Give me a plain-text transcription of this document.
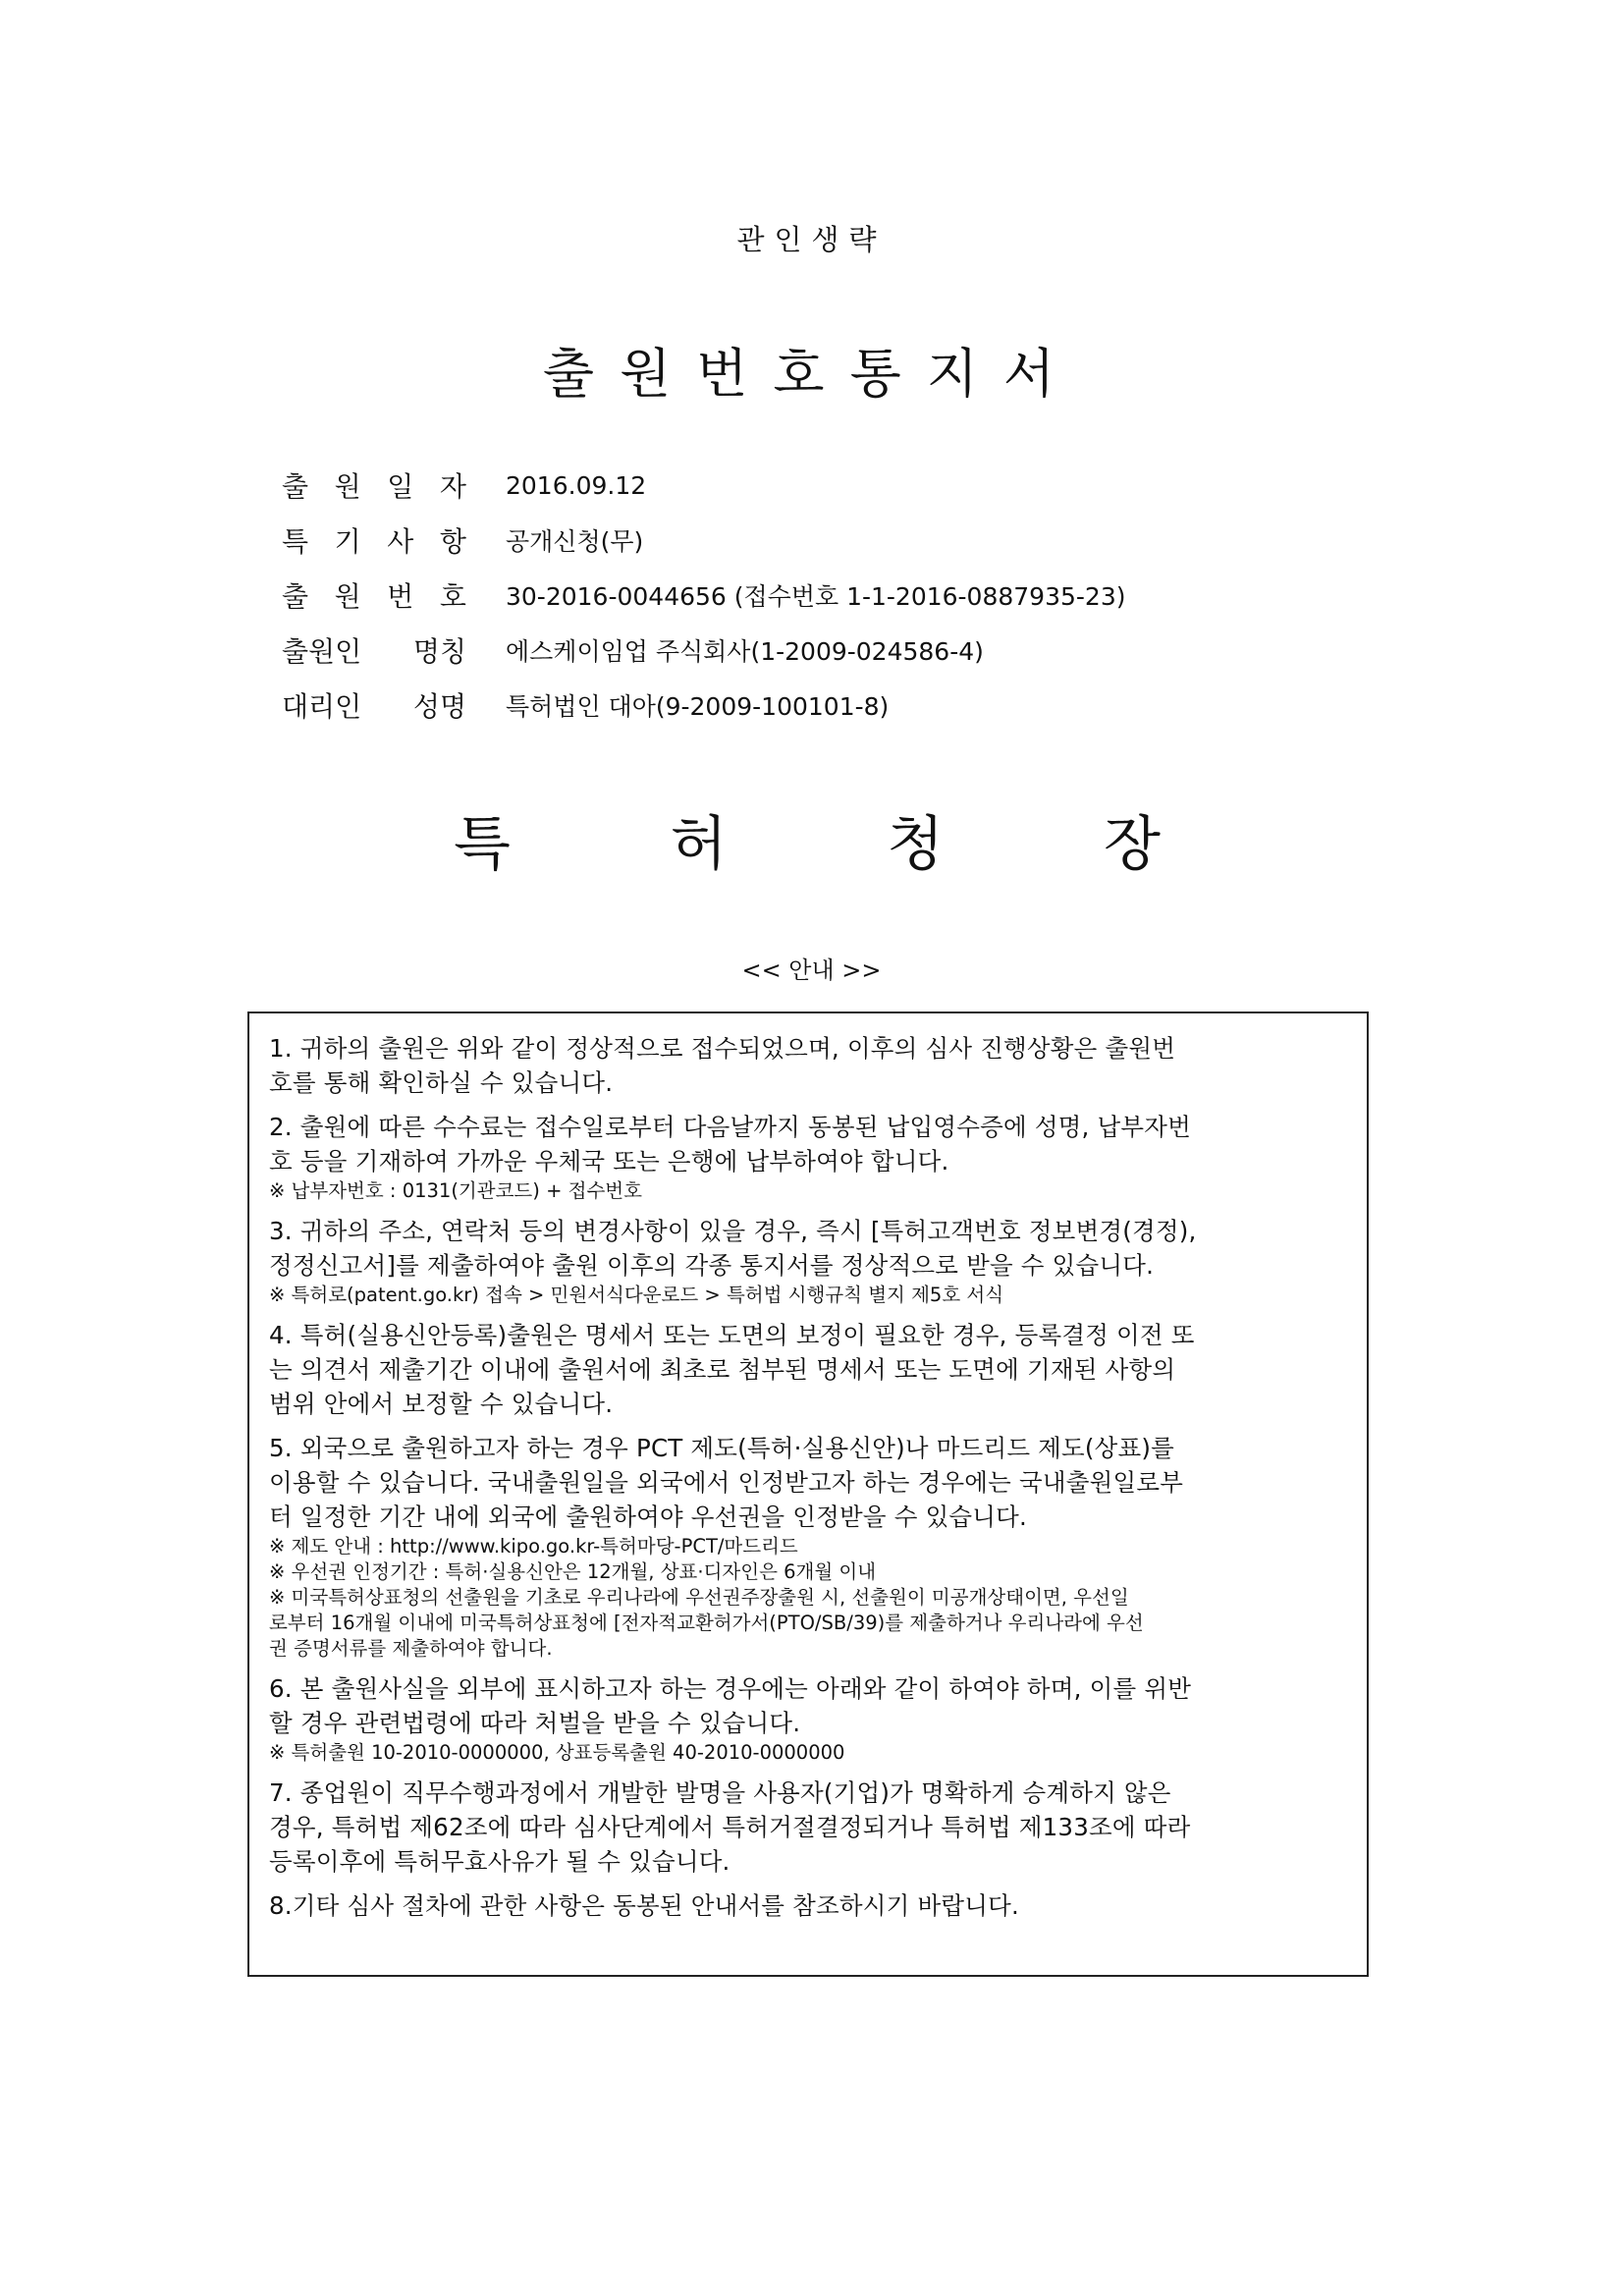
관인생략
출원번호통지서
출 원 일 자 2016.09.12
특 기 사 항 공개신청(무)
출 원 번 호 30-2016-0044656 (접수번호 1-1-2016-0887935-23)
출원인 명칭 에스케이임업 주식회사(1-2009-024586-4)
대리인 성명 특허법인 대아(9-2009-100101-8)
특	허	청	장
<< 안내 >>
1. 귀하의 출원은 위와 같이 정상적으로 접수되었으며, 이후의 심사 진행상황은 출원번
호를 통해 확인하실 수 있습니다.
2. 출원에 따른 수수료는 접수일로부터 다음날까지 동봉된 납입영수증에 성명, 납부자번
호 등을 기재하여 가까운 우체국 또는 은행에 납부하여야 합니다.
※ 납부자번호 : 0131(기관코드) + 접수번호
3. 귀하의 주소, 연락처 등의 변경사항이 있을 경우, 즉시 [특허고객번호 정보변경(경정),
정정신고서]를 제출하여야 출원 이후의 각종 통지서를 정상적으로 받을 수 있습니다.
※ 특허로(patent.go.kr) 접속 > 민원서식다운로드 > 특허법 시행규칙 별지 제5호 서식
4. 특허(실용신안등록)출원은 명세서 또는 도면의 보정이 필요한 경우, 등록결정 이전 또
는 의견서 제출기간 이내에 출원서에 최초로 첨부된 명세서 또는 도면에 기재된 사항의
범위 안에서 보정할 수 있습니다.
5. 외국으로 출원하고자 하는 경우 PCT 제도(특허·실용신안)나 마드리드 제도(상표)를
이용할 수 있습니다. 국내출원일을 외국에서 인정받고자 하는 경우에는 국내출원일로부
터 일정한 기간 내에 외국에 출원하여야 우선권을 인정받을 수 있습니다.
※ 제도 안내 : http://www.kipo.go.kr-특허마당-PCT/마드리드
※ 우선권 인정기간 : 특허·실용신안은 12개월, 상표·디자인은 6개월 이내
※ 미국특허상표청의 선출원을 기초로 우리나라에 우선권주장출원 시, 선출원이 미공개상태이면, 우선일
로부터 16개월 이내에 미국특허상표청에 [전자적교환허가서(PTO/SB/39)를 제출하거나 우리나라에 우선
권 증명서류를 제출하여야 합니다.
6. 본 출원사실을 외부에 표시하고자 하는 경우에는 아래와 같이 하여야 하며, 이를 위반
할 경우 관련법령에 따라 처벌을 받을 수 있습니다.
※ 특허출원 10-2010-0000000, 상표등록출원 40-2010-0000000
7. 종업원이 직무수행과정에서 개발한 발명을 사용자(기업)가 명확하게 승계하지 않은
경우, 특허법 제62조에 따라 심사단계에서 특허거절결정되거나 특허법 제133조에 따라
등록이후에 특허무효사유가 될 수 있습니다.
8.기타 심사 절차에 관한 사항은 동봉된 안내서를 참조하시기 바랍니다.
